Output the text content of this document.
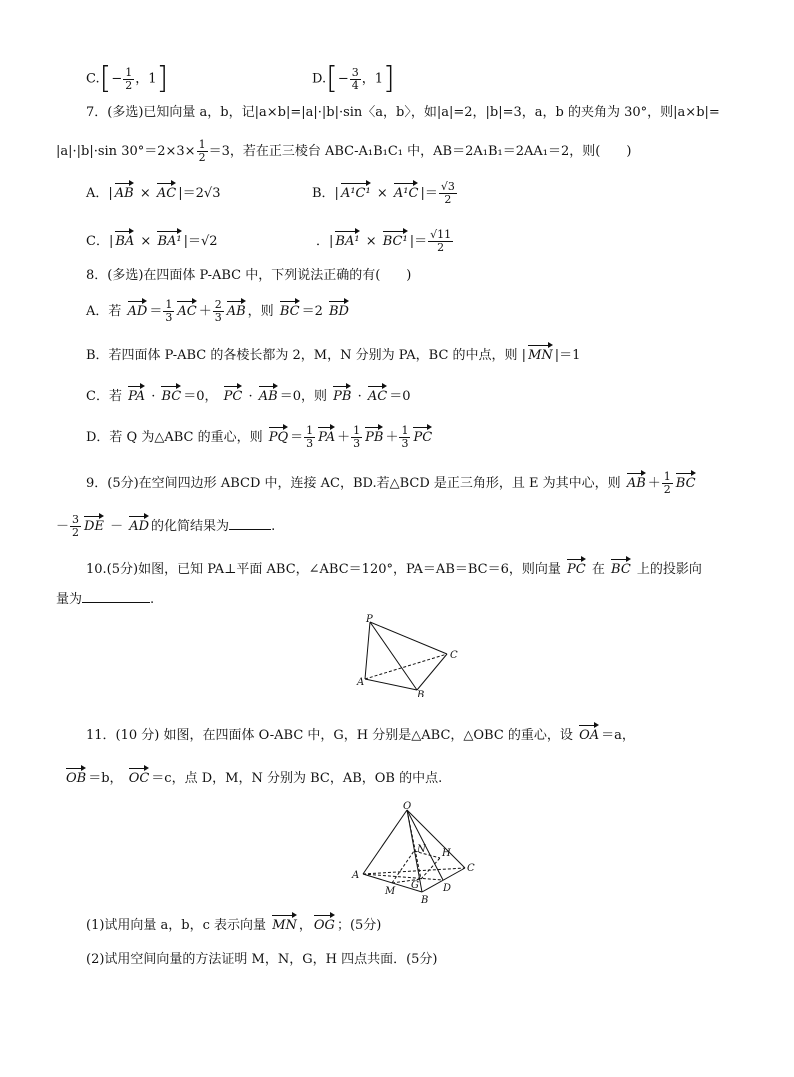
$C.[- \frac{1}{2}$ ，1]	$D.[- \frac{3}{4}$ ，1]
7．(多选)已知向量 a，b，记|a×b|=|a|·|b|·sin〈a，b〉，如|a|=2，|b|=3，a，b 的夹角为 30°，则|a×b|=
|a|·|b|·sin $30^\circ=2\times 3\times \frac{1}{2} =3$，若在正三棱台 ABC-A₁B₁C₁ 中，AB＝2A₁B₁＝2AA₁＝2，则(　　)
A．| AB × AC |＝2√3	B．| A¹C¹ × A¹C |＝ $\frac{√3}{2}$
C．| BA × BA¹ |＝√2	．| BA¹ × BC¹ |＝ $\frac{√11}{2}$
8．(多选)在四面体 P-ABC 中，下列说法正确的有(　　)
A．若 AD ＝ $\frac{1}{3}$ AC ＋ $\frac{2}{3}$ AB ，则 BC ＝2 BD
B．若四面体 P-ABC 的各棱长都为 2，M，N 分别为 PA，BC 的中点，则 | MN |＝1
C．若 PA · BC ＝0， PC · AB ＝0，则 PB · AC ＝0
D．若 Q 为△ABC 的重心，则 PQ ＝ $\frac{1}{3}$ PA ＋ $\frac{1}{3}$ PB ＋ $\frac{1}{3}$ PC
9．(5分)在空间四边形 ABCD 中，连接 AC，BD.若△BCD 是正三角形，且 E 为其中心，则 AB ＋ $\frac{1}{2}$ BC
－ $\frac{3}{2}$ DE － AD 的化简结果为	.
10.(5分)如图，已知 PA⊥平面 ABC，∠ABC＝120°，PA＝AB＝BC＝6，则向量 PC 在 BC 上的投影向
量为	.
P
A
B
C
11．(10 分) 如图，在四面体 O-ABC 中，G，H 分别是△ABC，△OBC 的重心，设 OA ＝a，
OB ＝b， OC ＝c，点 D，M，N 分别为 BC，AB，OB 的中点.
O
A
B
C
D
M
N
G
H
(1)试用向量 a，b，c 表示向量 MN ， OG ；(5分)
(2)试用空间向量的方法证明 M，N，G，H 四点共面．(5分)
